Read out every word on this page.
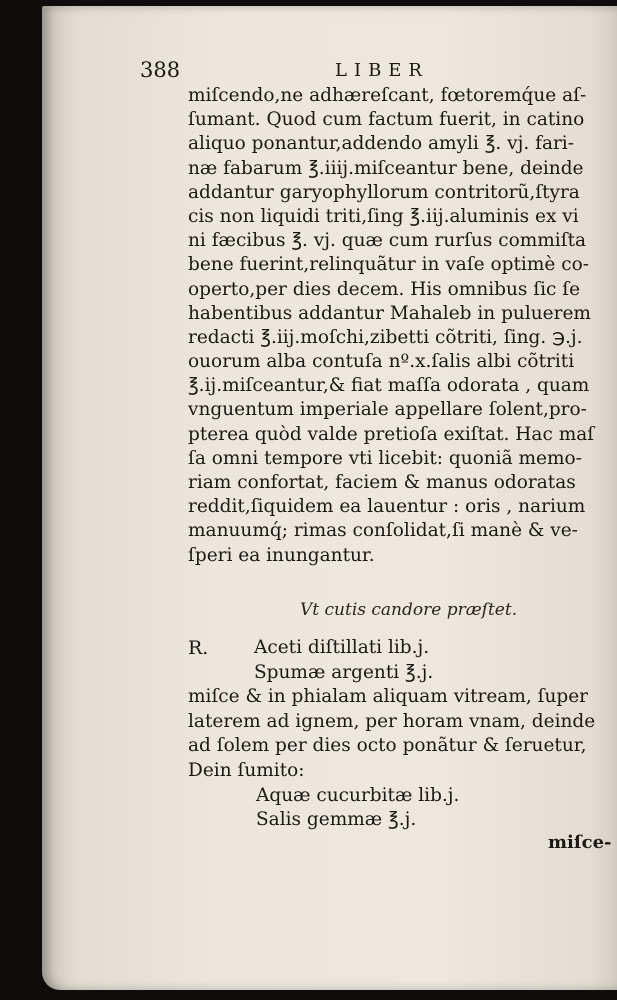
388	LIBER
miſcendo,ne adhæreſcant, fœtoremq́ue aſ-
ſumant. Quod cum factum fuerit, in catino
aliquo ponantur,addendo amyli ℥. vj. fari-
næ fabarum ℥.iiij.miſceantur bene, deinde
addantur garyophyllorum contritorũ,ſtyra
cis non liquidi triti,ſing ℥.iij.aluminis ex vi
ni fæcibus ℥. vj. quæ cum rurſus commiſta
bene fuerint,relinquãtur in vaſe optimè co-
operto,per dies decem. His omnibus ſic ſe
habentibus addantur Mahaleb in puluerem
redacti ℥.iij.moſchi,zibetti cõtriti, ſing. ℈.j.
ouorum alba contuſa nº.x.ſalis albi cõtriti
℥.ij.miſceantur,& fiat maſſa odorata , quam
vnguentum imperiale appellare ſolent,pro-
pterea quòd valde pretioſa exiſtat. Hac maſ
ſa omni tempore vti licebit: quoniã memo-
riam confortat, faciem & manus odoratas
reddit,ſiquidem ea lauentur : oris , narium
manuumq́; rimas conſolidat,ſi manè & ve-
ſperi ea inungantur.
Vt cutis candore præſtet.
R.	Aceti diſtillati lib.j.
Spumæ argenti ℥.j.
miſce & in phialam aliquam vitream, ſuper
laterem ad ignem, per horam vnam, deinde
ad ſolem per dies octo ponãtur & ſeruetur,
Dein ſumito:
Aquæ cucurbitæ lib.j.
Salis gemmæ ℥.j.
miſce-
